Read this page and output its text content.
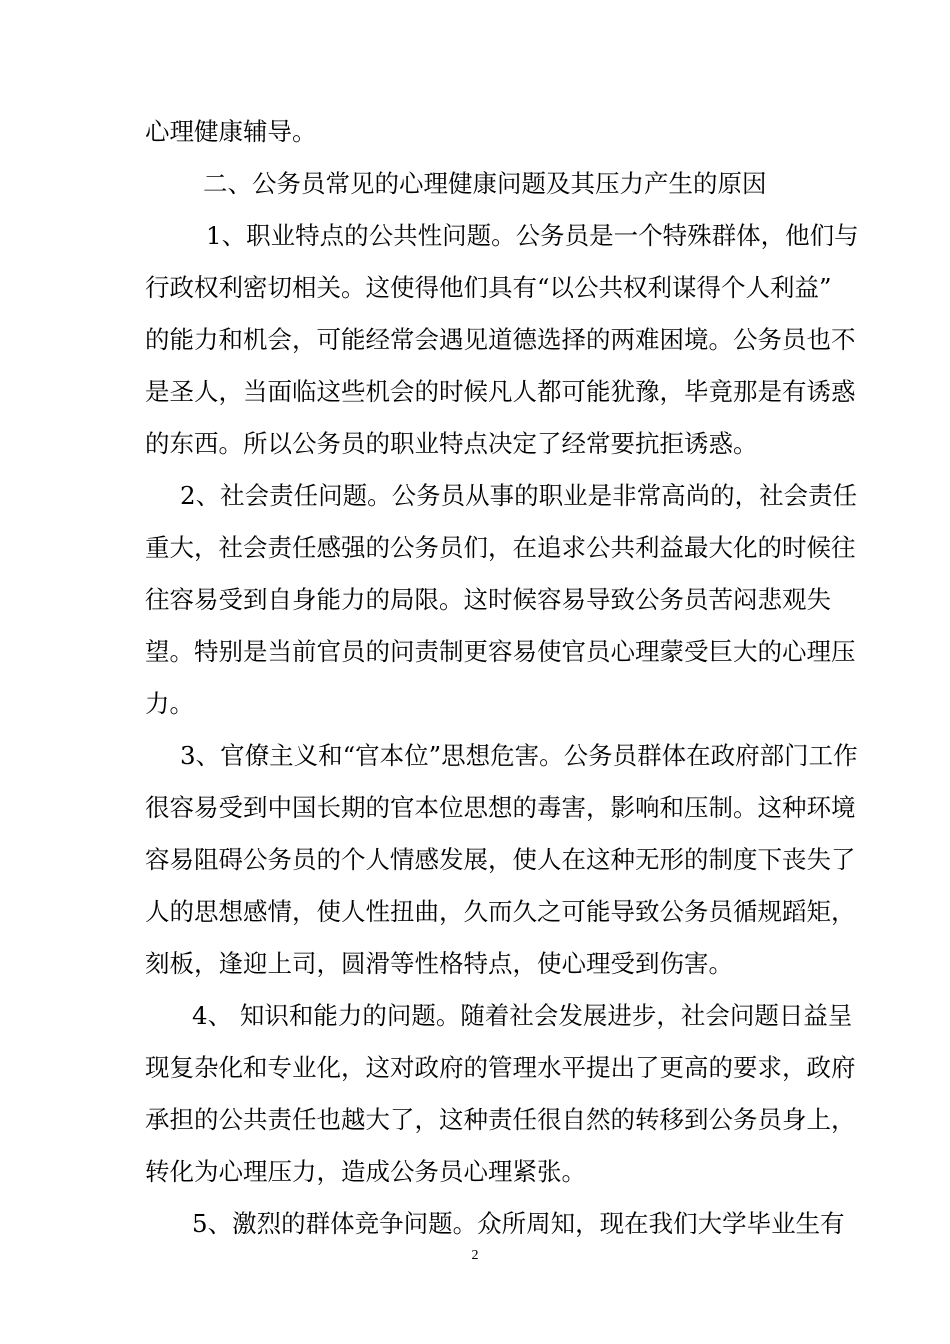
心理健康辅导。
二、公务员常见的心理健康问题及其压力产生的原因
1、职业特点的公共性问题。公务员是一个特殊群体，他们与
行政权利密切相关。这使得他们具有“以公共权利谋得个人利益”
的能力和机会，可能经常会遇见道德选择的两难困境。公务员也不
是圣人，当面临这些机会的时候凡人都可能犹豫，毕竟那是有诱惑
的东西。所以公务员的职业特点决定了经常要抗拒诱惑。
2、社会责任问题。公务员从事的职业是非常高尚的，社会责任
重大，社会责任感强的公务员们，在追求公共利益最大化的时候往
往容易受到自身能力的局限。这时候容易导致公务员苦闷悲观失
望。特别是当前官员的问责制更容易使官员心理蒙受巨大的心理压
力。
3、官僚主义和“官本位”思想危害。公务员群体在政府部门工作
很容易受到中国长期的官本位思想的毒害，影响和压制。这种环境
容易阻碍公务员的个人情感发展，使人在这种无形的制度下丧失了
人的思想感情，使人性扭曲，久而久之可能导致公务员循规蹈矩，
刻板，逢迎上司，圆滑等性格特点，使心理受到伤害。
4、 知识和能力的问题。随着社会发展进步，社会问题日益呈
现复杂化和专业化，这对政府的管理水平提出了更高的要求，政府
承担的公共责任也越大了，这种责任很自然的转移到公务员身上，
转化为心理压力，造成公务员心理紧张。
5、激烈的群体竞争问题。众所周知，现在我们大学毕业生有
2
